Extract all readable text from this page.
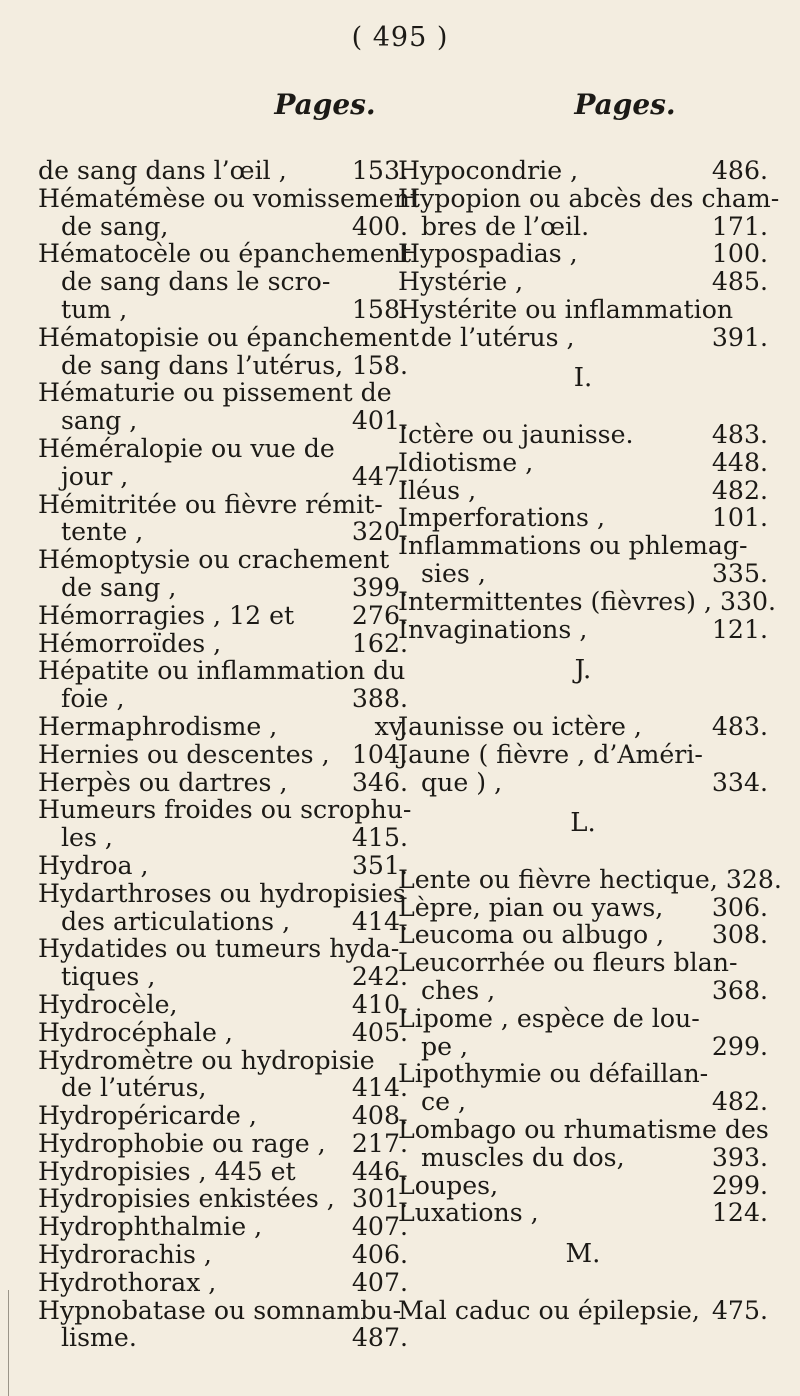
( 495 )
Pages.	Pages.
de sang dans l’œil ,	153.
Hématémèse ou vomissement
de sang,	400.
Hématocèle ou épanchement
de sang dans le scro-
tum ,	158.
Hématopisie ou épanchement
de sang dans l’utérus, 158.
Hématurie ou pissement de
sang ,	401.
Héméralopie ou vue de
jour ,	447.
Hémitritée ou fièvre rémit-
tente ,	320.
Hémoptysie ou crachement
de sang ,	399.
Hémorragies , 12 et	276.
Hémorroïdes ,	162.
Hépatite ou inflammation du
foie ,	388.
Hermaphrodisme ,	xv.
Hernies ou descentes , 104.
Herpès ou dartres ,	346.
Humeurs froides ou scrophu-
les ,	415.
Hydroa ,	351.
Hydarthroses ou hydropisies
des articulations ,	414.
Hydatides ou tumeurs hyda-
tiques ,	242.
Hydrocèle,	410.
Hydrocéphale ,	405.
Hydromètre ou hydropisie
de l’utérus,	414.
Hydropéricarde ,	408.
Hydrophobie ou rage ,	217.
Hydropisies , 445 et	446.
Hydropisies enkistées , 301.
Hydrophthalmie ,	407.
Hydrorachis ,	406.
Hydrothorax ,	407.
Hypnobatase ou somnambu-
lisme.	487.
Hypocondrie ,	486.
Hypopion ou abcès des cham-
bres de l’œil.	171.
Hypospadias ,	100.
Hystérie ,	485.
Hystérite ou inflammation
de l’utérus ,	391.
I.
Ictère ou jaunisse.	483.
Idiotisme ,	448.
Iléus ,	482.
Imperforations ,	101.
Inflammations ou phlemag-
sies ,	335.
Intermittentes (fièvres) , 330.
Invaginations ,	121.
J.
Jaunisse ou ictère ,	483.
Jaune ( fièvre , d’Améri-
que ) ,	334.
L.
Lente ou fièvre hectique, 328.
Lèpre, pian ou yaws,	306.
Leucoma ou albugo ,	308.
Leucorrhée ou fleurs blan-
ches ,	368.
Lipome , espèce de lou-
pe ,	299.
Lipothymie ou défaillan-
ce ,	482.
Lombago ou rhumatisme des
muscles du dos,	393.
Loupes,	299.
Luxations ,	124.
M.
Mal caduc ou épilepsie, 475.
